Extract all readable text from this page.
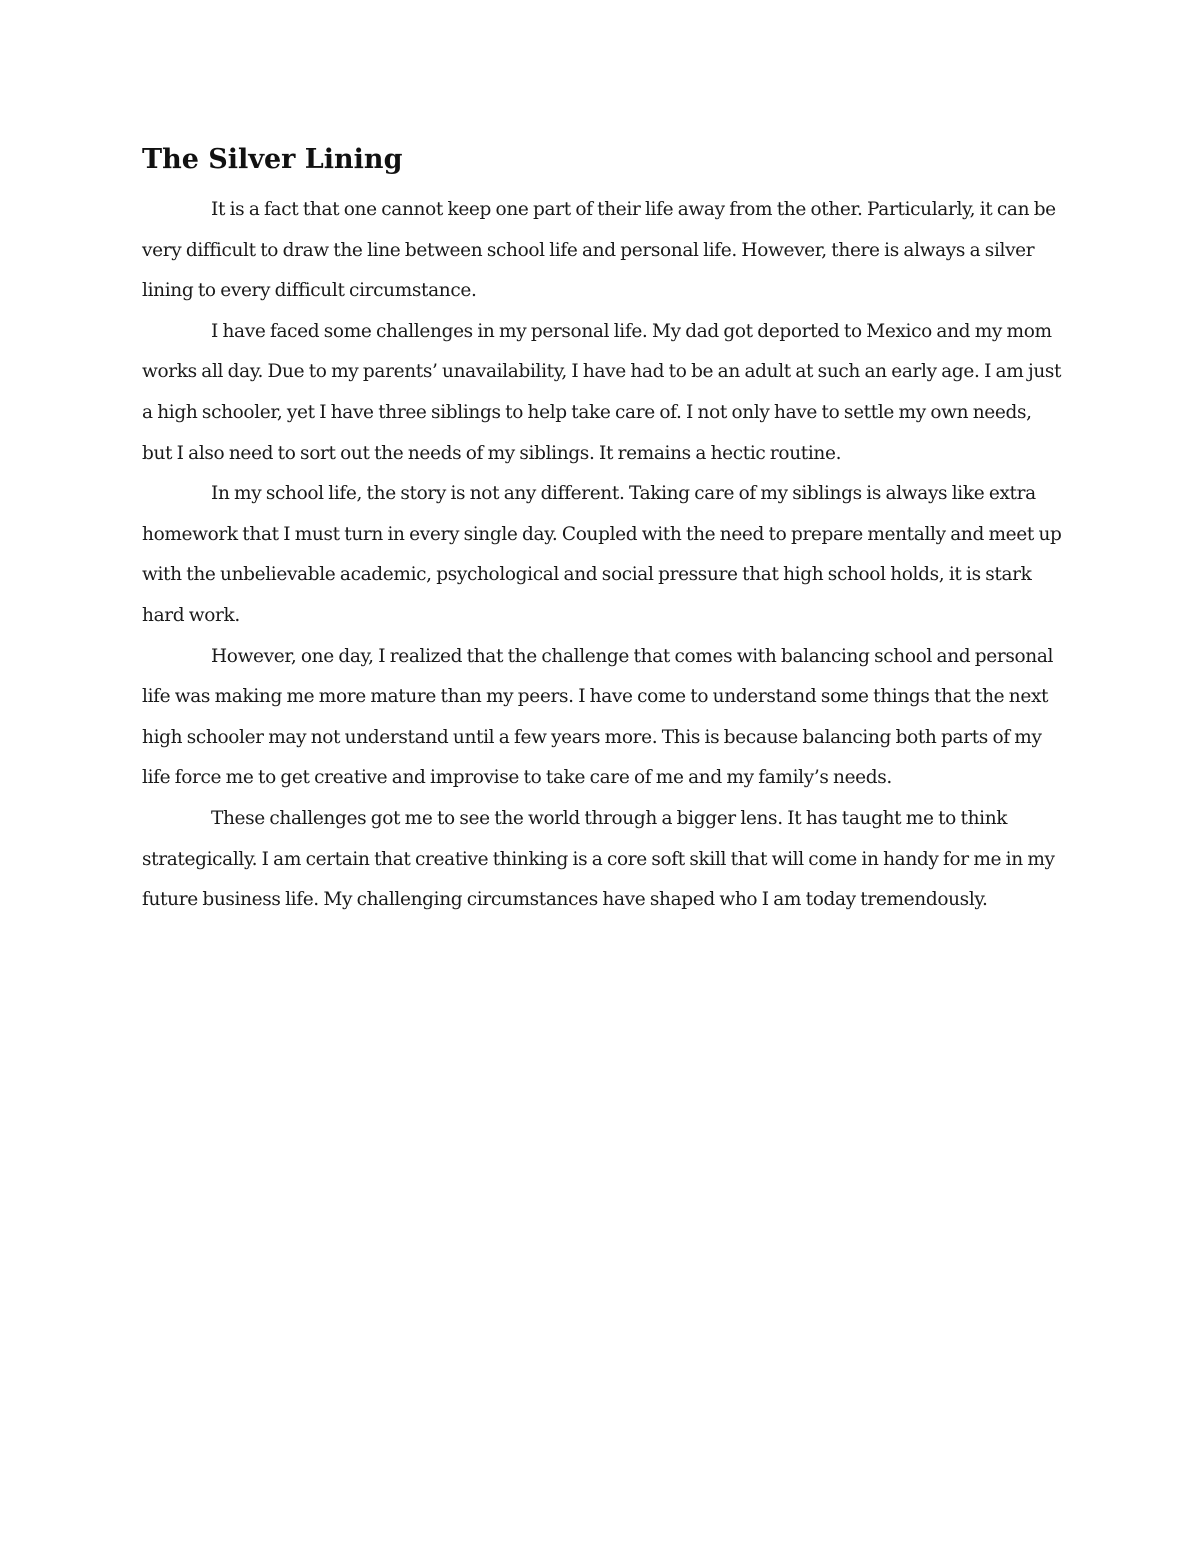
The Silver Lining

It is a fact that one cannot keep one part of their life away from the other. Particularly, it can be very difficult to draw the line between school life and personal life. However, there is always a silver lining to every difficult circumstance.

I have faced some challenges in my personal life. My dad got deported to Mexico and my mom works all day. Due to my parents’ unavailability, I have had to be an adult at such an early age. I am just a high schooler, yet I have three siblings to help take care of. I not only have to settle my own needs, but I also need to sort out the needs of my siblings. It remains a hectic routine.

In my school life, the story is not any different. Taking care of my siblings is always like extra homework that I must turn in every single day. Coupled with the need to prepare mentally and meet up with the unbelievable academic, psychological and social pressure that high school holds, it is stark hard work.

However, one day, I realized that the challenge that comes with balancing school and personal life was making me more mature than my peers. I have come to understand some things that the next high schooler may not understand until a few years more. This is because balancing both parts of my life force me to get creative and improvise to take care of me and my family’s needs.

These challenges got me to see the world through a bigger lens. It has taught me to think strategically. I am certain that creative thinking is a core soft skill that will come in handy for me in my future business life. My challenging circumstances have shaped who I am today tremendously.
